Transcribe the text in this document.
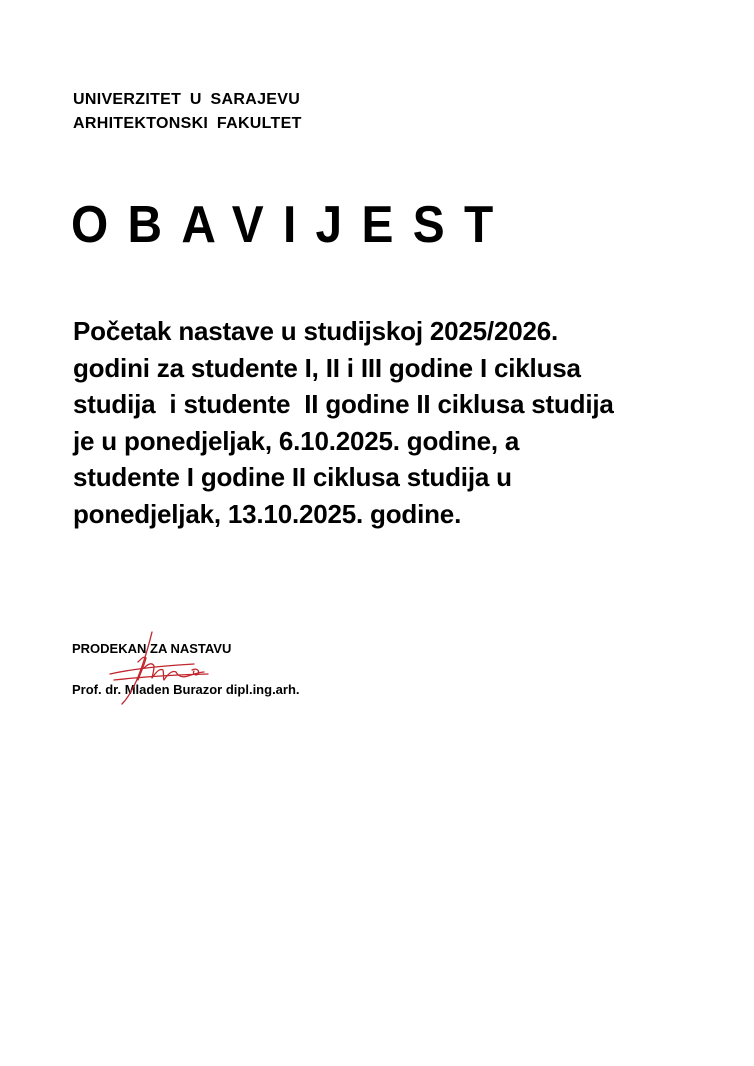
UNIVERZITET U SARAJEVU
ARHITEKTONSKI FAKULTET
OBAVIJEST
Početak nastave u studijskoj 2025/2026.
godini za studente I, II i III godine I ciklusa
studija  i studente  II godine II ciklusa studija
je u ponedjeljak, 6.10.2025. godine, a
studente I godine II ciklusa studija u
ponedjeljak, 13.10.2025. godine.
PRODEKAN ZA NASTAVU
Prof. dr. Mladen Burazor dipl.ing.arh.
